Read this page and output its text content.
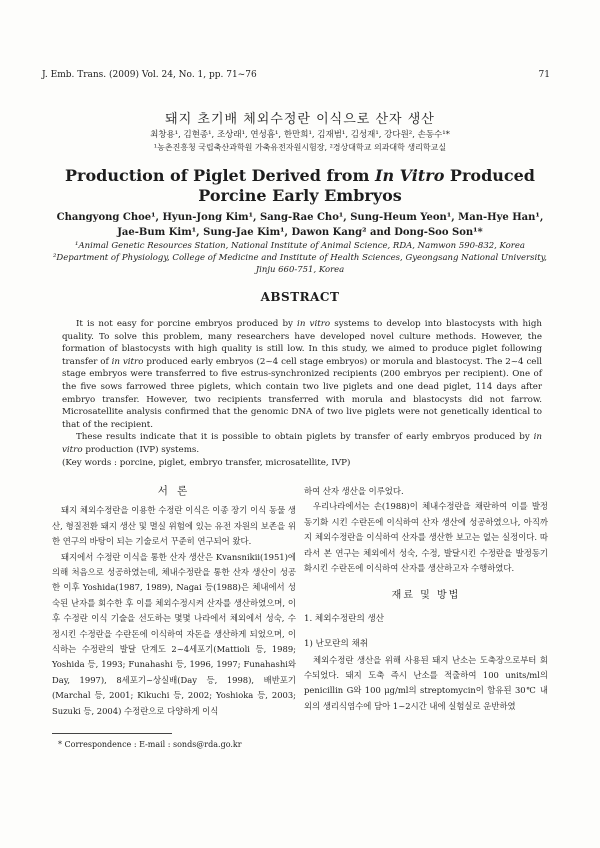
J. Emb. Trans. (2009) Vol. 24, No. 1, pp. 71~76	71
돼지 초기배 체외수정란 이식으로 산자 생산
최창용¹, 김현종¹, 조상래¹, 연성흠¹, 한만희¹, 김재범¹, 김성재¹, 강다원², 손동수¹*
¹농촌진흥청 국립축산과학원 가축유전자원시험장, ²경상대학교 의과대학 생리학교실
Production of Piglet Derived from In Vitro Produced
Porcine Early Embryos
Changyong Choe¹, Hyun-Jong Kim¹, Sang-Rae Cho¹, Sung-Heum Yeon¹, Man-Hye Han¹,
Jae-Bum Kim¹, Sung-Jae Kim¹, Dawon Kang² and Dong-Soo Son¹*
¹Animal Genetic Resources Station, National Institute of Animal Science, RDA, Namwon 590-832, Korea
²Department of Physiology, College of Medicine and Institute of Health Sciences, Gyeongsang National University,
Jinju 660-751, Korea
ABSTRACT

It is not easy for porcine embryos produced by in vitro systems to develop into blastocysts with high quality. To solve this problem, many researchers have developed novel culture methods. However, the formation of blastocysts with high quality is still low. In this study, we aimed to produce piglet following transfer of in vitro produced early embryos (2~4 cell stage embryos) or morula and blastocyst. The 2~4 cell stage embryos were transferred to five estrus-synchronized recipients (200 embryos per recipient). One of the five sows farrowed three piglets, which contain two live piglets and one dead piglet, 114 days after embryo transfer. However, two recipients transferred with morula and blastocysts did not farrow. Microsatellite analysis confirmed that the genomic DNA of two live piglets were not genetically identical to that of the recipient.

These results indicate that it is possible to obtain piglets by transfer of early embryos produced by in vitro production (IVP) systems.

(Key words : porcine, piglet, embryo transfer, microsatellite, IVP)

서 론

돼지 체외수정란을 이용한 수정란 이식은 이종 장기 이식 동물 생산, 형질전환 돼지 생산 및 멸실 위험에 있는 유전 자원의 보존을 위한 연구의 바탕이 되는 기술로서 꾸준히 연구되어 왔다.

돼지에서 수정란 이식을 통한 산자 생산은 Kvansnikii(1951)에 의해 처음으로 성공하였는데, 체내수정란을 통한 산자 생산이 성공한 이후 Yoshida(1987, 1989), Nagai 등(1988)은 체내에서 성숙된 난자를 회수한 후 이를 체외수정시켜 산자를 생산하였으며, 이후 수정란 이식 기술을 선도하는 몇몇 나라에서 체외에서 성숙, 수정시킨 수정란을 수란돈에 이식하여 자돈을 생산하게 되었으며, 이식하는 수정란의 발달 단계도 2~4세포기(Mattioli 등, 1989; Yoshida 등, 1993; Funahashi 등, 1996, 1997; Funahashi와 Day, 1997), 8세포기~상실배(Day 등, 1998), 배반포기(Marchal 등, 2001; Kikuchi 등, 2002; Yoshioka 등, 2003; Suzuki 등, 2004) 수정란으로 다양하게 이식

하여 산자 생산을 이루었다.

우리나라에서는 손(1988)이 체내수정란을 채란하여 이를 발정동기화 시킨 수란돈에 이식하여 산자 생산에 성공하였으나, 아직까지 체외수정란을 이식하여 산자를 생산한 보고는 없는 실정이다. 따라서 본 연구는 체외에서 성숙, 수정, 발달시킨 수정란을 발정동기화시킨 수란돈에 이식하여 산자를 생산하고자 수행하였다.

재료 및 방법
1. 체외수정란의 생산
1) 난모란의 채취

체외수정란 생산을 위해 사용된 돼지 난소는 도축장으로부터 회수되었다. 돼지 도축 즉시 난소를 적출하여 100 units/ml의 penicillin G와 100 μg/ml의 streptomycin이 함유된 30℃ 내외의 생리식염수에 담아 1~2시간 내에 실험실로 운반하였

* Correspondence : E-mail : sonds@rda.go.kr
